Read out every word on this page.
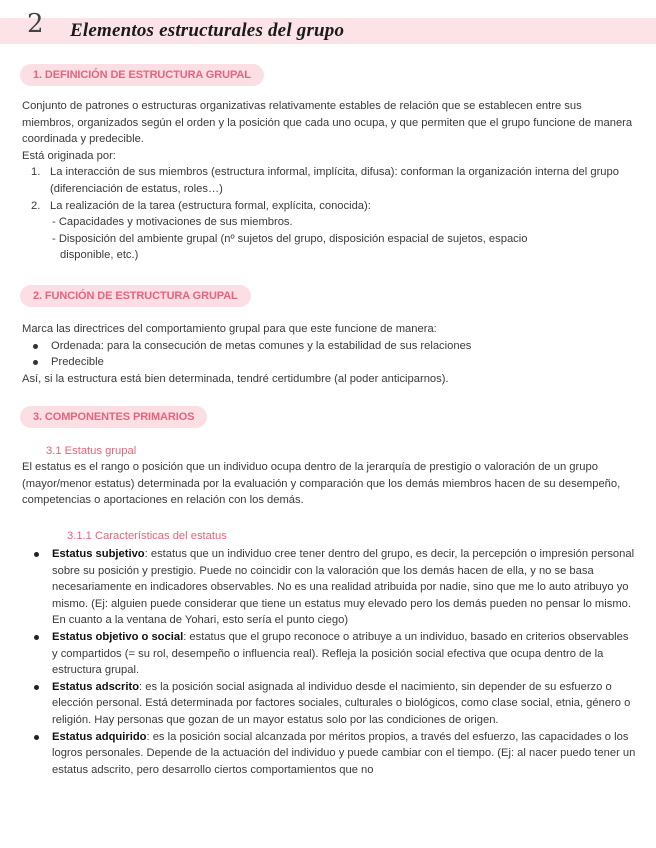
2 Elementos estructurales del grupo
1. DEFINICIÓN DE ESTRUCTURA GRUPAL

Conjunto de patrones o estructuras organizativas relativamente estables de relación que se establecen entre sus miembros, organizados según el orden y la posición que cada uno ocupa, y que permiten que el grupo funcione de manera coordinada y predecible.

Está originada por:

1. La interacción de sus miembros (estructura informal, implícita, difusa): conforman la organización interna del grupo (diferenciación de estatus, roles…)
2. La realización de la tarea (estructura formal, explícita, conocida):
- Capacidades y motivaciones de sus miembros.
- Disposición del ambiente grupal (nº sujetos del grupo, disposición espacial de sujetos, espacio
disponible, etc.)
2. FUNCIÓN DE ESTRUCTURA GRUPAL

Marca las directrices del comportamiento grupal para que este funcione de manera:

Ordenada: para la consecución de metas comunes y la estabilidad de sus relaciones
Predecible

Así, si la estructura está bien determinada, tendré certidumbre (al poder anticiparnos).

3. COMPONENTES PRIMARIOS
3.1 Estatus grupal
El estatus es el rango o posición que un individuo ocupa dentro de la jerarquía de prestigio o valoración de un grupo (mayor/menor estatus) determinada por la evaluación y comparación que los demás miembros hacen de su desempeño, competencias o aportaciones en relación con los demás.
3.1.1 Características del estatus
Estatus subjetivo: estatus que un individuo cree tener dentro del grupo, es decir, la percepción o impresión personal sobre su posición y prestigio. Puede no coincidir con la valoración que los demás hacen de ella, y no se basa necesariamente en indicadores observables. No es una realidad atribuida por nadie, sino que me lo auto atribuyo yo mismo. (Ej: alguien puede considerar que tiene un estatus muy elevado pero los demás pueden no pensar lo mismo. En cuanto a la ventana de Yohari, esto sería el punto ciego)
Estatus objetivo o social: estatus que el grupo reconoce o atribuye a un individuo, basado en criterios observables y compartidos (= su rol, desempeño o influencia real). Refleja la posición social efectiva que ocupa dentro de la estructura grupal.
Estatus adscrito: es la posición social asignada al individuo desde el nacimiento, sin depender de su esfuerzo o elección personal. Está determinada por factores sociales, culturales o biológicos, como clase social, etnia, género o religión. Hay personas que gozan de un mayor estatus solo por las condiciones de origen.
Estatus adquirido: es la posición social alcanzada por méritos propios, a través del esfuerzo, las capacidades o los logros personales. Depende de la actuación del individuo y puede cambiar con el tiempo. (Ej: al nacer puedo tener un estatus adscrito, pero desarrollo ciertos comportamientos que no
